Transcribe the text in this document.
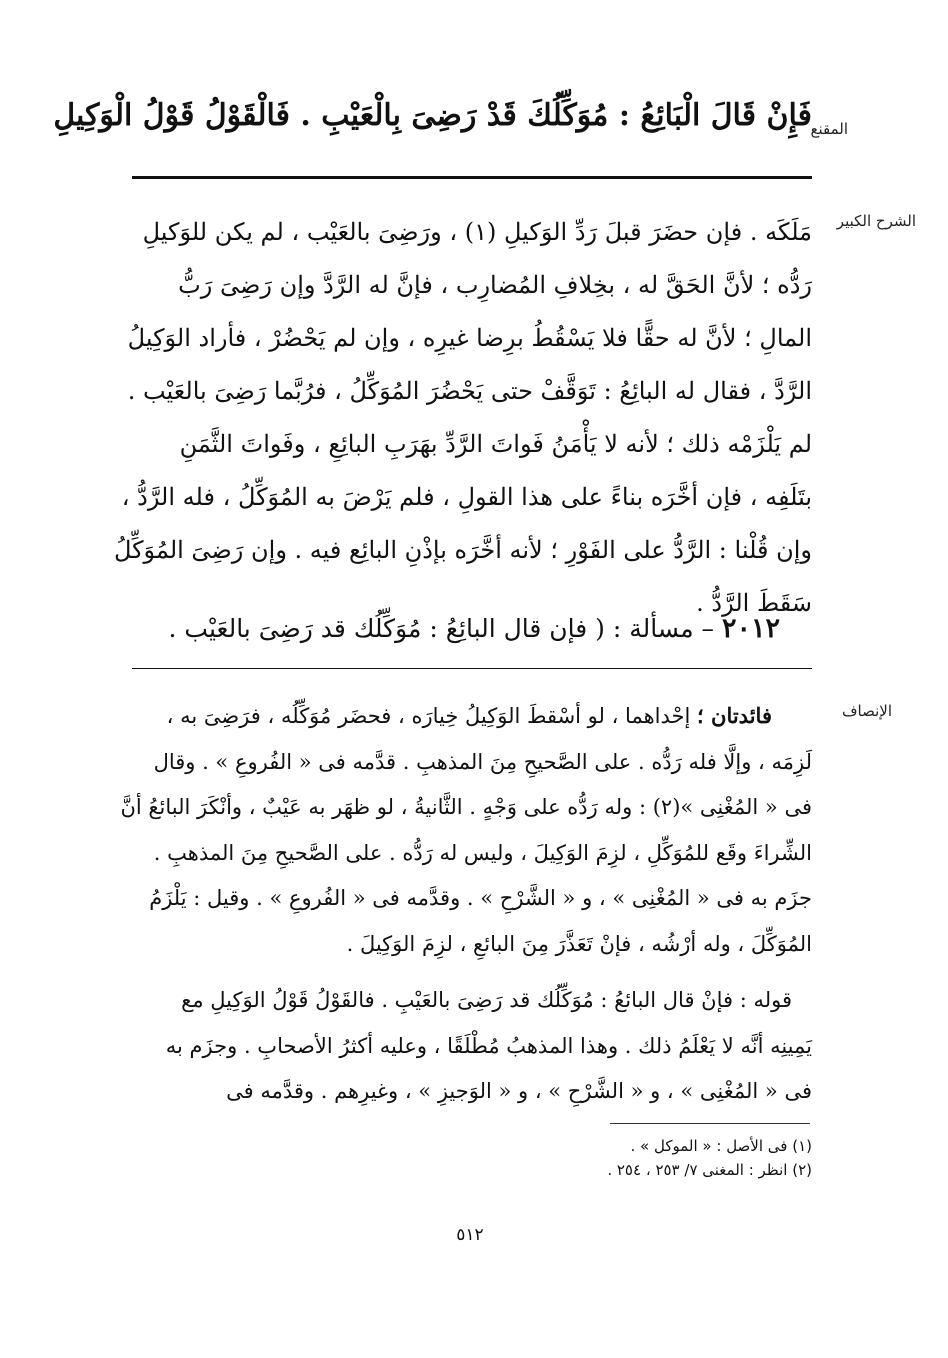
المقنع
فَإِنْ قَالَ الْبَائِعُ : مُوَكِّلُكَ قَدْ رَضِىَ بِالْعَيْبِ . فَالْقَوْلُ قَوْلُ الْوَكِيلِ
الشرح الكبير
مَلَكَه . فإن حضَرَ قبلَ رَدِّ الوَكيلِ (١) ، ورَضِىَ بالعَيْب ، لم يكن للوَكيلِ
رَدُّه ؛ لأنَّ الحَقَّ له ، بخِلافِ المُضارِب ، فإنَّ له الرَّدَّ وإن رَضِىَ رَبُّ
المالِ ؛ لأنَّ له حقًّا فلا يَسْقُطُ برِضا غيرِه ، وإن لم يَحْضُرْ ، فأراد الوَكِيلُ
الرَّدَّ ، فقال له البائِعُ : تَوَقَّفْ حتى يَحْضُرَ المُوَكِّلُ ، فرُبَّما رَضِىَ بالعَيْب .
لم يَلْزَمْه ذلك ؛ لأنه لا يَأْمَنُ فَواتَ الرَّدِّ بهَرَبِ البائِعِ ، وفَواتَ الثَّمَنِ
بتَلَفِه ، فإن أخَّرَه بناءً على هذا القولِ ، فلم يَرْضَ به المُوَكِّلُ ، فله الرَّدُّ ،
وإن قُلْنا : الرَّدُّ على الفَوْرِ ؛ لأنه أخَّرَه بإذْنِ البائِع فيه . وإن رَضِىَ المُوَكِّلُ
سَقَطَ الرَّدُّ .
٢٠١٢ – مسألة : ( فإن قال البائِعُ : مُوَكِّلُك قد رَضِىَ بالعَيْب .
الإنصاف
فائدتان ؛ إحْداهما ، لو أسْقطَ الوَكِيلُ خِيارَه ، فحضَر مُوَكِّلُه ، فرَضِىَ به ،
لَزِمَه ، وإلَّا فله رَدُّه . على الصَّحيحِ مِنَ المذهبِ . قدَّمه فى « الفُروعِ » . وقال
فى « المُغْنِى »(٢) : وله رَدُّه على وَجْهٍ . الثَّانيةُ ، لو ظهَر به عَيْبٌ ، وأنْكَرَ البائعُ أنَّ
الشِّراءَ وقَع للمُوَكِّلِ ، لزِمَ الوَكِيلَ ، وليس له رَدُّه . على الصَّحيحِ مِنَ المذهبِ .
جزَم به فى « المُغْنِى » ، و « الشَّرْحِ » . وقدَّمه فى « الفُروعِ » . وقيل : يَلْزَمُ
المُوَكِّلَ ، وله أرْشُه ، فإنْ تَعَذَّرَ مِنَ البائعِ ، لزِمَ الوَكِيلَ .
قوله : فإنْ قال البائعُ : مُوَكِّلُك قد رَضِىَ بالعَيْبِ . فالقَوْلُ قَوْلُ الوَكِيلِ مع
يَمِينِه أنَّه لا يَعْلَمُ ذلك . وهذا المذهبُ مُطْلَقًا ، وعليه أكثرُ الأصحابِ . وجزَم به
فى « المُغْنِى » ، و « الشَّرْحِ » ، و « الوَجيزِ » ، وغيرِهم . وقدَّمه فى
(١) فى الأصل : « الموكل » .
(٢) انظر : المغنى ٧/ ٢٥٣ ، ٢٥٤ .
٥١٢
